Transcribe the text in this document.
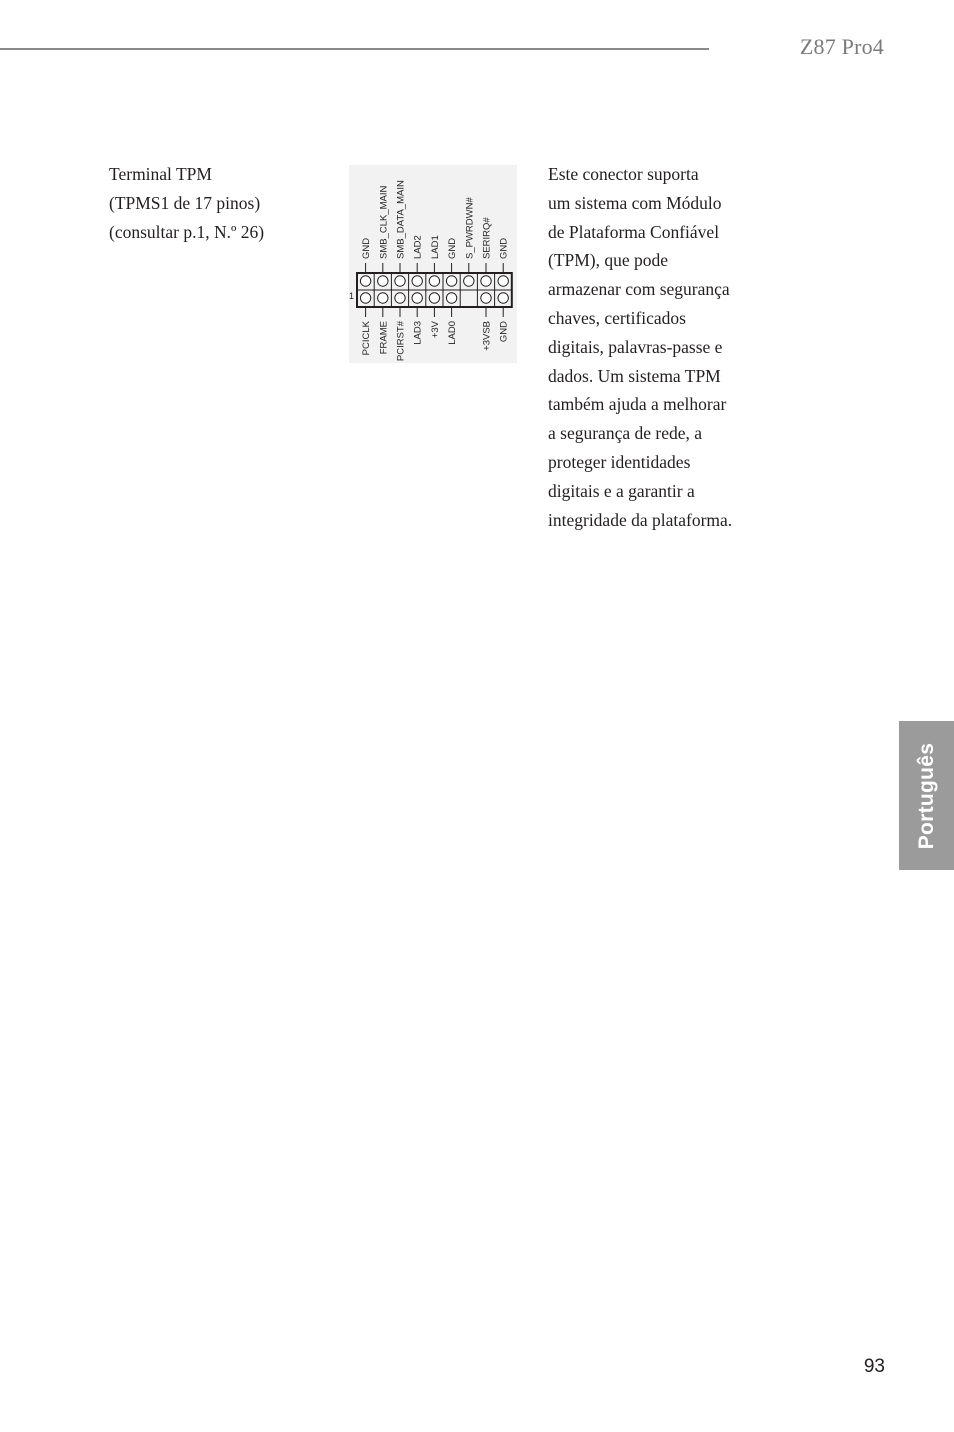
Z87 Pro4
Terminal TPM
(TPMS1 de 17 pinos)
(consultar p.1, N.º 26)
GND SMB_CLK_MAIN SMB_DATA_MAIN LAD2 LAD1 GND S_PWRDWN# SERIRQ# GND
PCICLK FRAME PCIRST# LAD3 +3V LAD0 +3VSB GND
1
Este conector suporta
um sistema com Módulo
de Plataforma Confiável
(TPM), que pode
armazenar com segurança
chaves, certificados
digitais, palavras-passe e
dados. Um sistema TPM
também ajuda a melhorar
a segurança de rede, a
proteger identidades
digitais e a garantir a
integridade da plataforma.
Português
93
